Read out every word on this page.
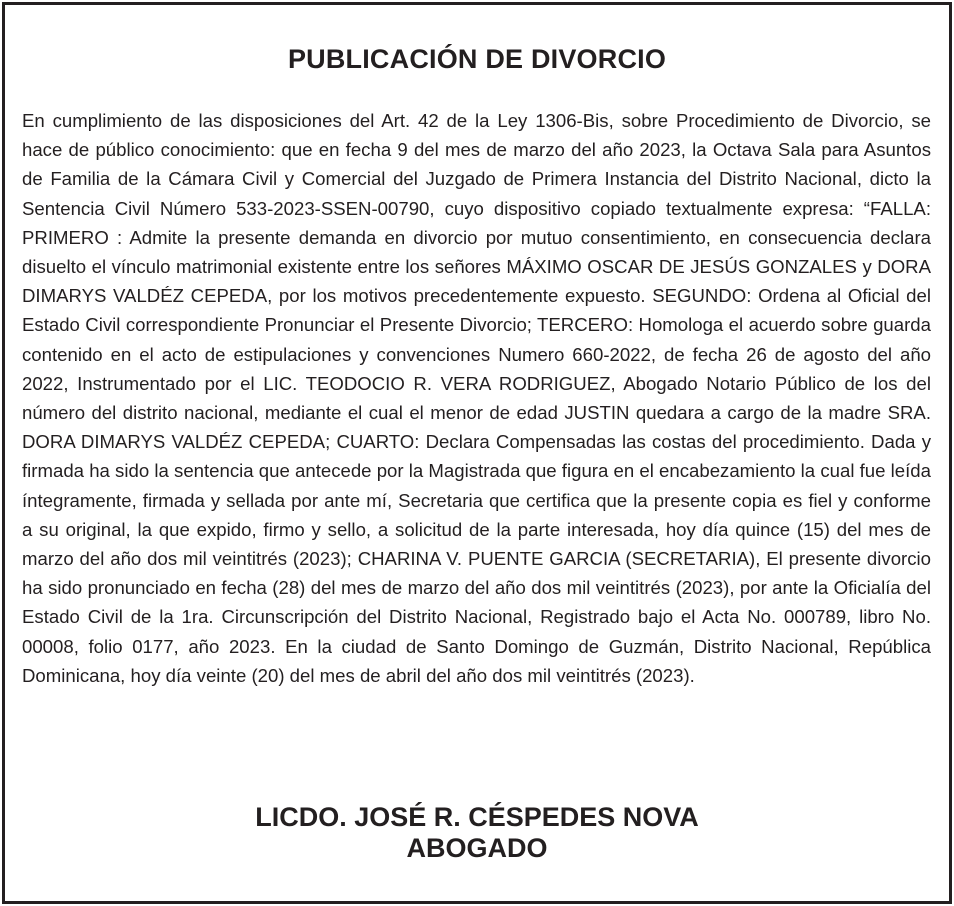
PUBLICACIÓN DE DIVORCIO

En cumplimiento de las disposiciones del Art. 42 de la Ley 1306-Bis, sobre Procedimiento de Divorcio, se hace de público conocimiento: que en fecha 9 del mes de marzo del año 2023, la Octava Sala para Asuntos de Familia de la Cámara Civil y Comercial del Juzgado de Primera Instancia del Distrito Nacional, dicto la Sentencia Civil Número 533-2023-SSEN-00790, cuyo dispositivo copiado textualmente expresa: “FALLA: PRIMERO : Admite la presente demanda en divorcio por mutuo consentimiento, en consecuencia declara disuelto el vínculo matrimonial existente entre los señores MÁXIMO OSCAR DE JESÚS GONZALES y DORA DIMARYS VALDÉZ CEPEDA, por los motivos precedentemente expuesto. SEGUNDO: Ordena al Oficial del Estado Civil correspondiente Pronunciar el Presente Divorcio; TERCERO: Homologa el acuerdo sobre guarda contenido en el acto de estipulaciones y convenciones Numero 660-2022, de fecha 26 de agosto del año 2022, Instrumentado por el LIC. TEODOCIO R. VERA RODRIGUEZ, Abogado Notario Público de los del número del distrito nacional, mediante el cual el menor de edad JUSTIN quedara a cargo de la madre SRA. DORA DIMARYS VALDÉZ CEPEDA; CUARTO: Declara Compensadas las costas del procedimiento. Dada y firmada ha sido la sentencia que antecede por la Magistrada que figura en el encabezamiento la cual fue leída íntegramente, firmada y sellada por ante mí, Secretaria que certifica que la presente copia es fiel y conforme a su original, la que expido, firmo y sello, a solicitud de la parte interesada, hoy día quince (15) del mes de marzo del año dos mil veintitrés (2023); CHARINA V. PUENTE GARCIA (SECRETARIA), El presente divorcio ha sido pronunciado en fecha (28) del mes de marzo del año dos mil veintitrés (2023), por ante la Oficialía del Estado Civil de la 1ra. Circunscripción del Distrito Nacional, Registrado bajo el Acta No. 000789, libro No. 00008, folio 0177, año 2023. En la ciudad de Santo Domingo de Guzmán, Distrito Nacional, República Dominicana, hoy día veinte (20) del mes de abril del año dos mil veintitrés (2023).

LICDO. JOSÉ R. CÉSPEDES NOVA
ABOGADO
